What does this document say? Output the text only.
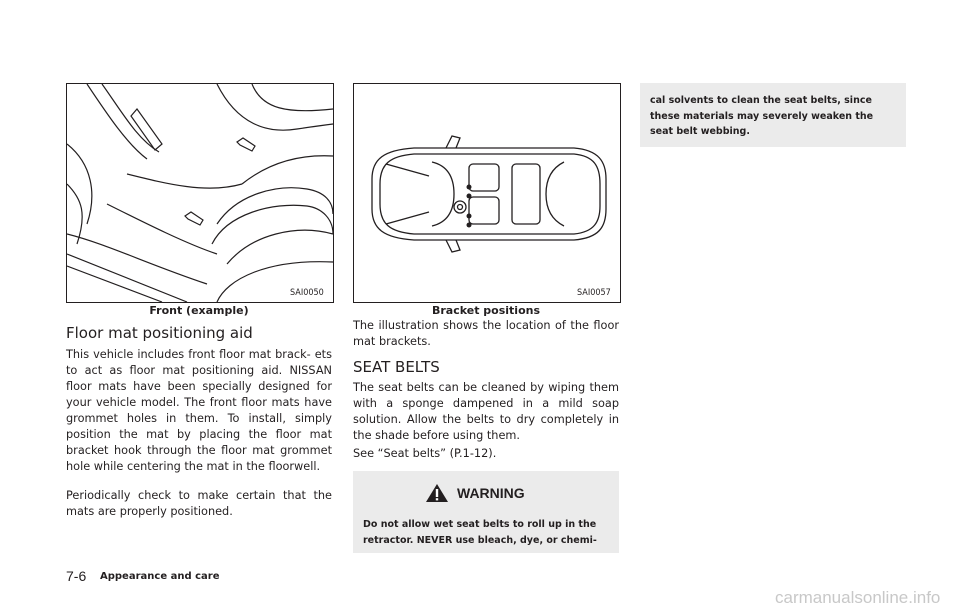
SAI0050
Front (example)
Floor mat positioning aid

This vehicle includes front floor mat brack- ets to act as floor mat positioning aid. NISSAN floor mats have been specially designed for your vehicle model. The front floor mats have grommet holes in them. To install, simply position the mat by placing the floor mat bracket hook through the floor mat grommet hole while centering the mat in the floorwell.

Periodically check to make certain that the mats are properly positioned.

SAI0057
Bracket positions

The illustration shows the location of the floor mat brackets.

SEAT BELTS

The seat belts can be cleaned by wiping them with a sponge dampened in a mild soap solution. Allow the belts to dry completely in the shade before using them.

See “Seat belts” (P.1-12).

WARNING

Do not allow wet seat belts to roll up in the retractor. NEVER use bleach, dye, or chemi-

cal solvents to clean the seat belts, since these materials may severely weaken the seat belt webbing.

7-6 Appearance and care
carmanualsonline.info
